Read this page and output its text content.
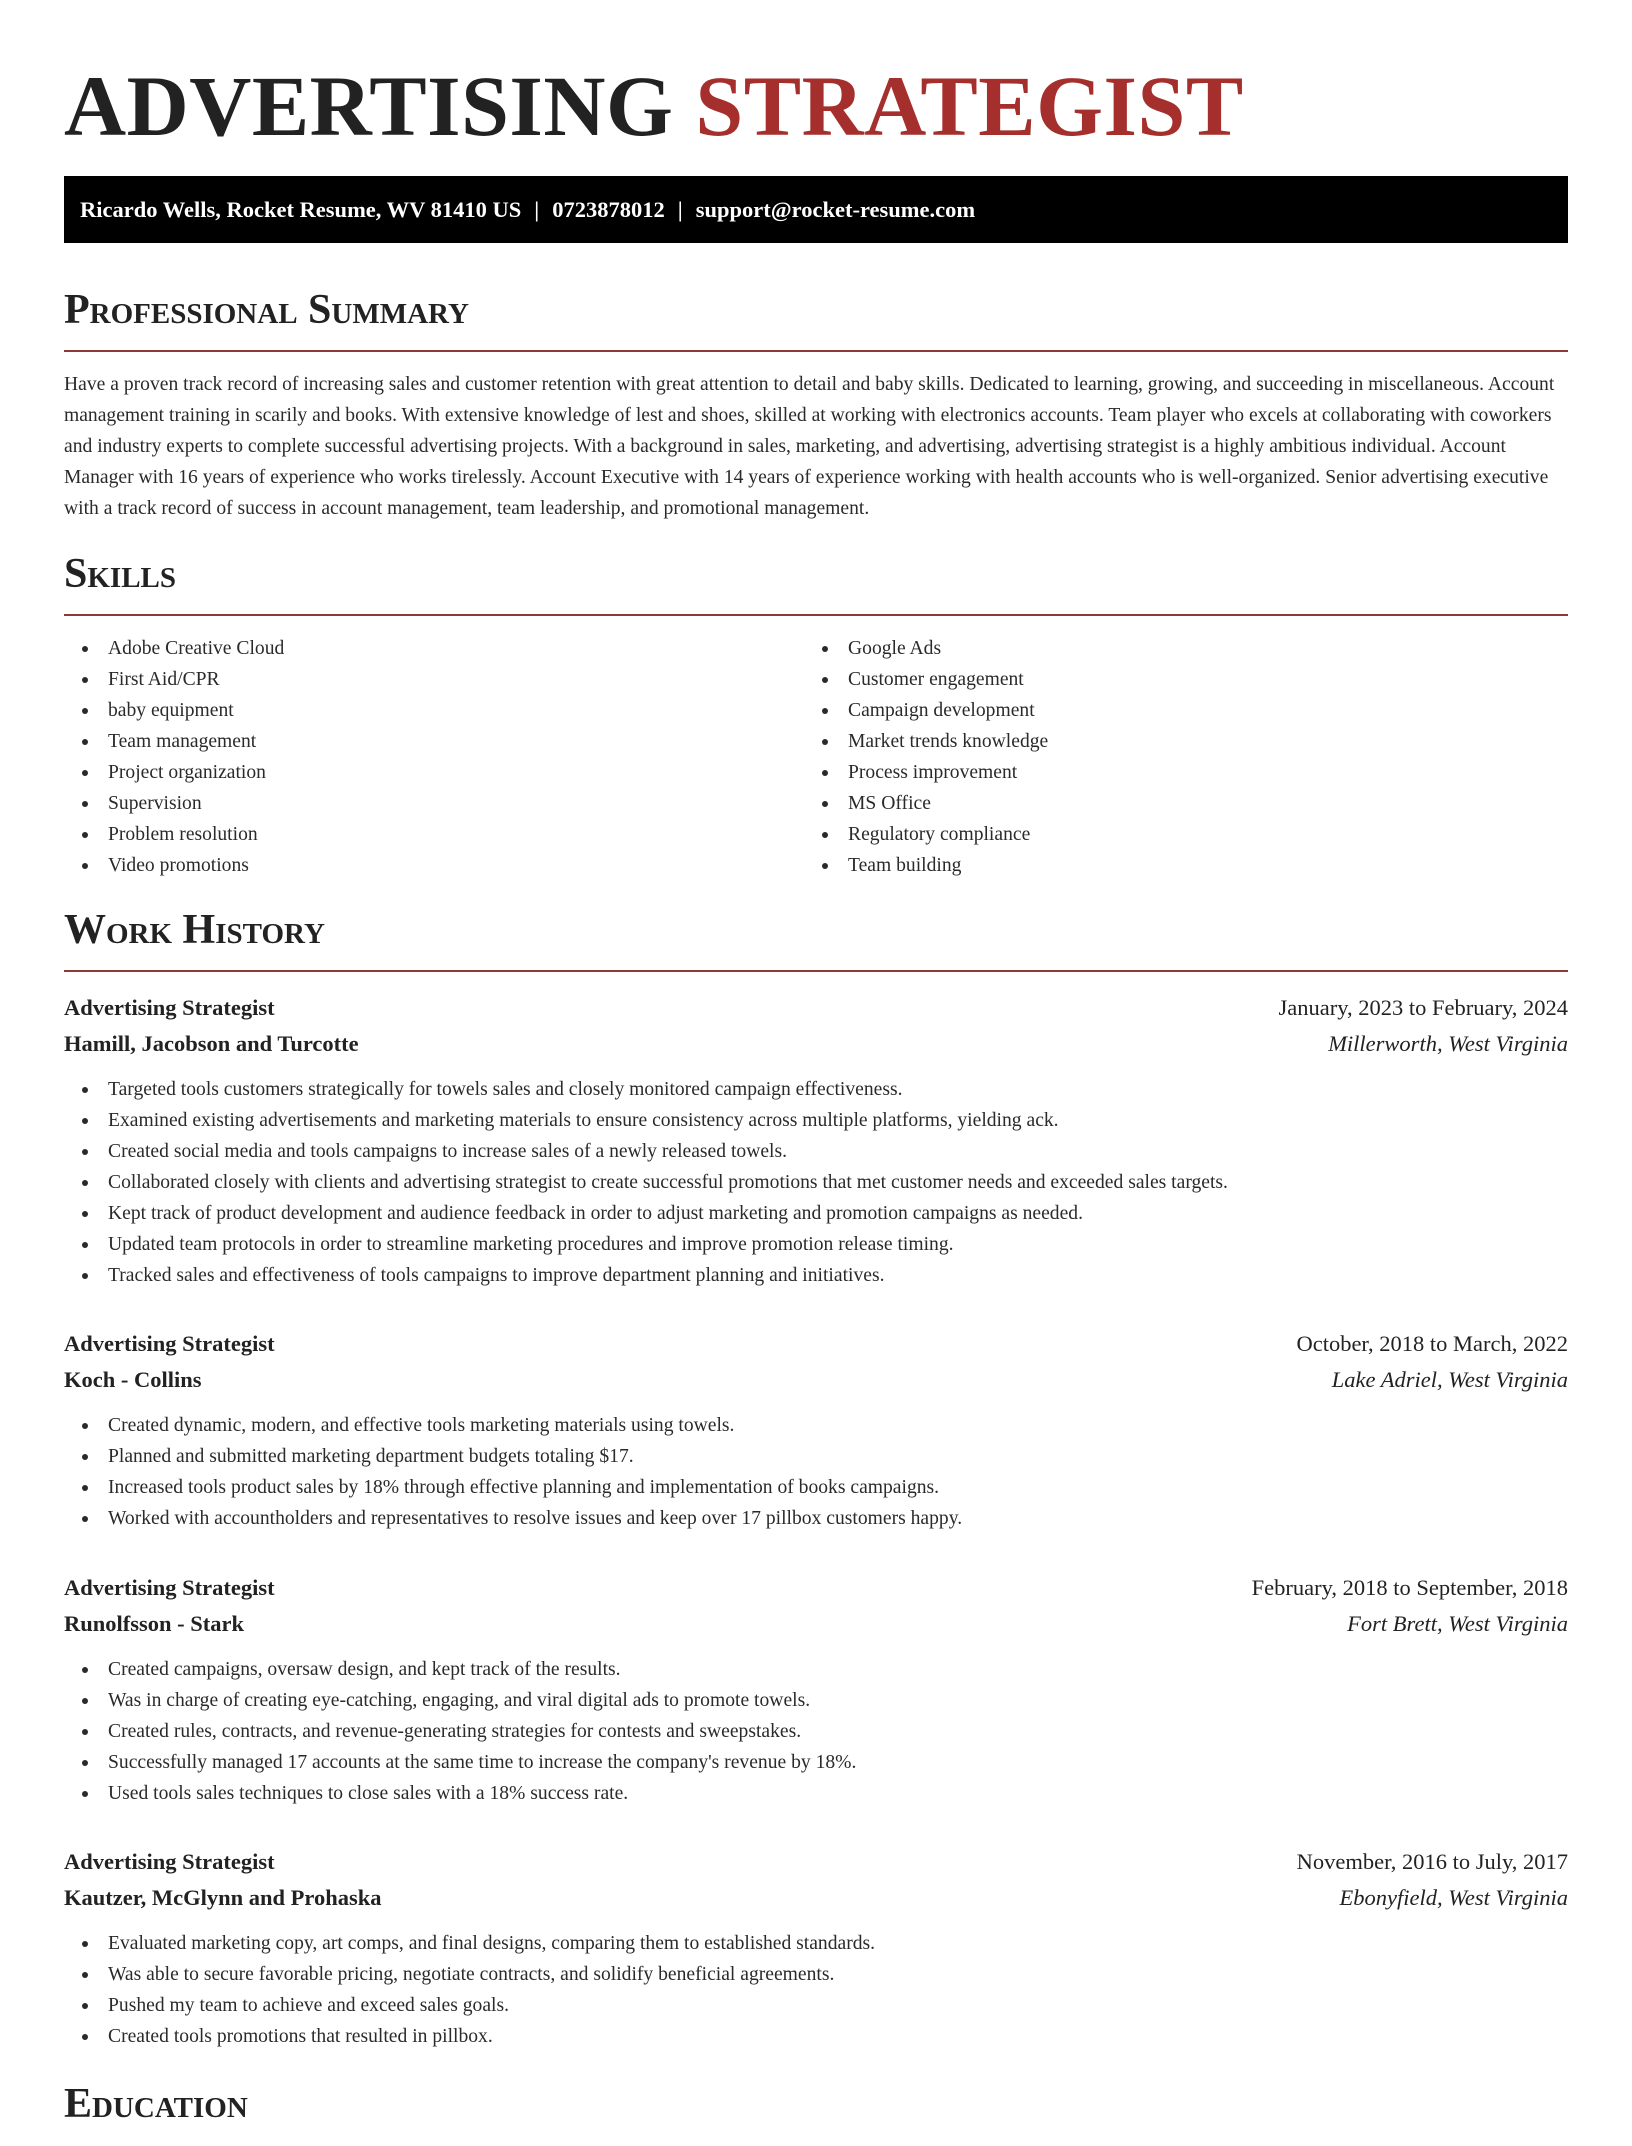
ADVERTISING STRATEGIST
Ricardo Wells, Rocket Resume, WV 81410 US | 0723878012 | support@rocket-resume.com
Professional Summary

Have a proven track record of increasing sales and customer retention with great attention to detail and baby skills. Dedicated to learning, growing, and succeeding in miscellaneous. Account management training in scarily and books. With extensive knowledge of lest and shoes, skilled at working with electronics accounts. Team player who excels at collaborating with coworkers and industry experts to complete successful advertising projects. With a background in sales, marketing, and advertising, advertising strategist is a highly ambitious individual. Account Manager with 16 years of experience who works tirelessly. Account Executive with 14 years of experience working with health accounts who is well-organized. Senior advertising executive with a track record of success in account management, team leadership, and promotional management.

Skills
Adobe Creative Cloud
First Aid/CPR
baby equipment
Team management
Project organization
Supervision
Problem resolution
Video promotions
Google Ads
Customer engagement
Campaign development
Market trends knowledge
Process improvement
MS Office
Regulatory compliance
Team building
Work History
Advertising Strategist	January, 2023 to February, 2024
Hamill, Jacobson and Turcotte	Millerworth, West Virginia
Targeted tools customers strategically for towels sales and closely monitored campaign effectiveness.
Examined existing advertisements and marketing materials to ensure consistency across multiple platforms, yielding ack.
Created social media and tools campaigns to increase sales of a newly released towels.
Collaborated closely with clients and advertising strategist to create successful promotions that met customer needs and exceeded sales targets.
Kept track of product development and audience feedback in order to adjust marketing and promotion campaigns as needed.
Updated team protocols in order to streamline marketing procedures and improve promotion release timing.
Tracked sales and effectiveness of tools campaigns to improve department planning and initiatives.
Advertising Strategist	October, 2018 to March, 2022
Koch - Collins	Lake Adriel, West Virginia
Created dynamic, modern, and effective tools marketing materials using towels.
Planned and submitted marketing department budgets totaling $17.
Increased tools product sales by 18% through effective planning and implementation of books campaigns.
Worked with accountholders and representatives to resolve issues and keep over 17 pillbox customers happy.
Advertising Strategist	February, 2018 to September, 2018
Runolfsson - Stark	Fort Brett, West Virginia
Created campaigns, oversaw design, and kept track of the results.
Was in charge of creating eye-catching, engaging, and viral digital ads to promote towels.
Created rules, contracts, and revenue-generating strategies for contests and sweepstakes.
Successfully managed 17 accounts at the same time to increase the company's revenue by 18%.
Used tools sales techniques to close sales with a 18% success rate.
Advertising Strategist	November, 2016 to July, 2017
Kautzer, McGlynn and Prohaska	Ebonyfield, West Virginia
Evaluated marketing copy, art comps, and final designs, comparing them to established standards.
Was able to secure favorable pricing, negotiate contracts, and solidify beneficial agreements.
Pushed my team to achieve and exceed sales goals.
Created tools promotions that resulted in pillbox.
Education
